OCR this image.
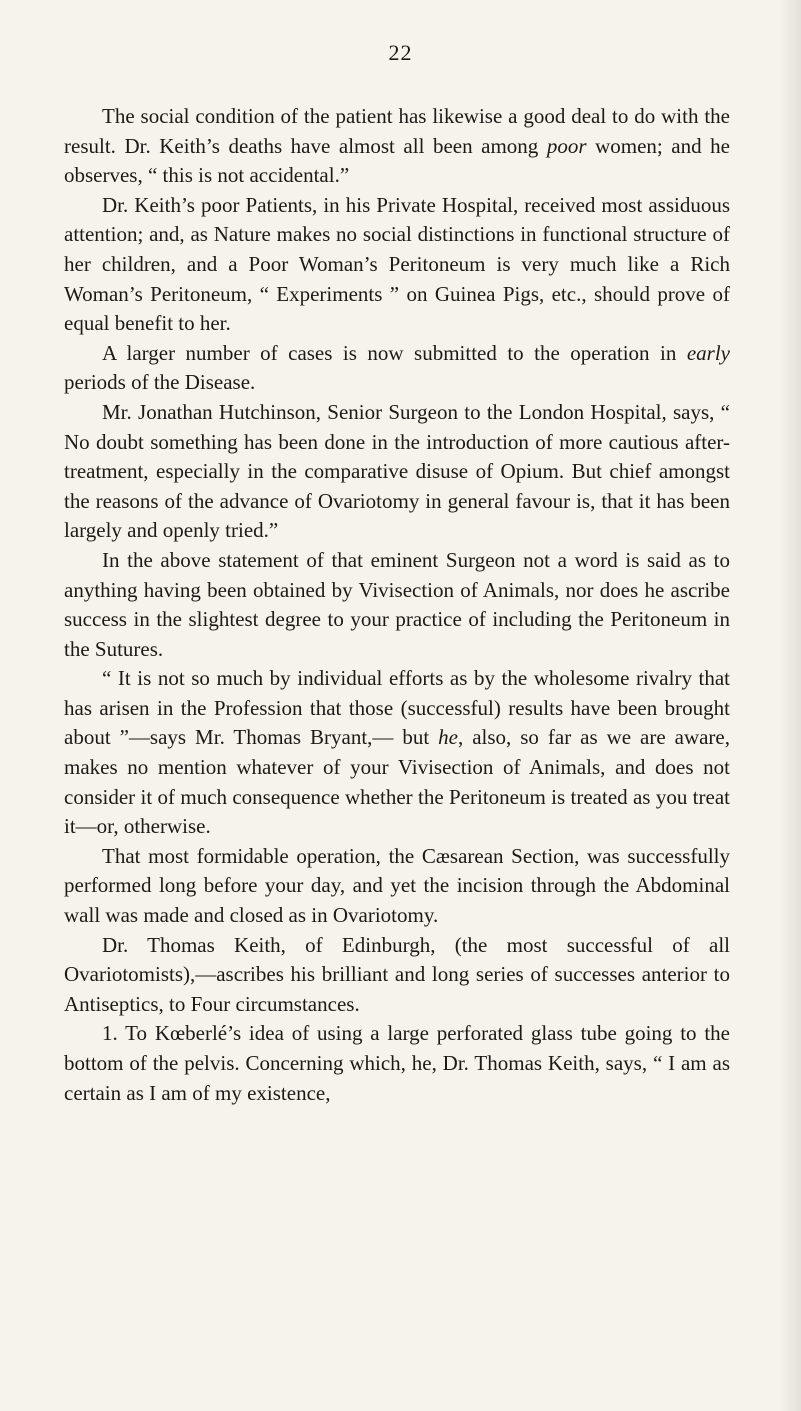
22

The social condition of the patient has likewise a good deal to do with the result. Dr. Keith’s deaths have almost all been among poor women; and he observes, “ this is not accidental.”

Dr. Keith’s poor Patients, in his Private Hospital, received most assiduous attention; and, as Nature makes no social distinctions in functional structure of her children, and a Poor Woman’s Peritoneum is very much like a Rich Woman’s Peritoneum, “ Experiments ” on Guinea Pigs, etc., should prove of equal benefit to her.

A larger number of cases is now submitted to the operation in early periods of the Disease.

Mr. Jonathan Hutchinson, Senior Surgeon to the London Hospital, says, “ No doubt something has been done in the introduction of more cautious after-treatment, especially in the comparative disuse of Opium. But chief amongst the reasons of the advance of Ovariotomy in general favour is, that it has been largely and openly tried.”

In the above statement of that eminent Surgeon not a word is said as to anything having been obtained by Vivisection of Animals, nor does he ascribe success in the slightest degree to your practice of including the Peritoneum in the Sutures.

“ It is not so much by individual efforts as by the wholesome rivalry that has arisen in the Profession that those (successful) results have been brought about ”—says Mr. Thomas Bryant,— but he, also, so far as we are aware, makes no mention whatever of your Vivisection of Animals, and does not consider it of much consequence whether the Peritoneum is treated as you treat it—or, otherwise.

That most formidable operation, the Cæsarean Section, was successfully performed long before your day, and yet the incision through the Abdominal wall was made and closed as in Ovariotomy.

Dr. Thomas Keith, of Edinburgh, (the most successful of all Ovariotomists),—ascribes his brilliant and long series of successes anterior to Antiseptics, to Four circumstances.

1. To Kœberlé’s idea of using a large perforated glass tube going to the bottom of the pelvis. Concerning which, he, Dr. Thomas Keith, says, “ I am as certain as I am of my existence,
